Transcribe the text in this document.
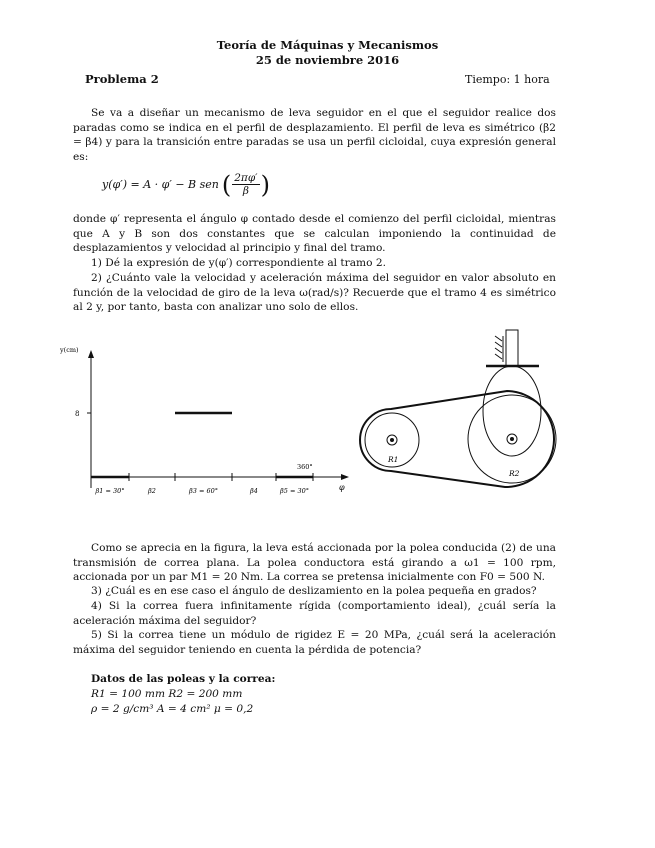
Teoría de Máquinas y Mecanismos
25 de noviembre 2016
Problema 2	Tiempo: 1 hora
Se va a diseñar un mecanismo de leva seguidor en el que el seguidor realice dos paradas como se indica en el perfil de desplazamiento. El perfil de leva es simétrico (β2 = β4) y para la transición entre paradas se usa un perfil cicloidal, cuya expresión general es:
y(φ′) = A · φ′ − B sen ( $\frac{2\pi\varphi'}{\beta}$ )
donde φ′ representa el ángulo φ contado desde el comienzo del perfil cicloidal, mientras que A y B son dos constantes que se calculan imponiendo la continuidad de desplazamientos y velocidad al principio y final del tramo.
1) Dé la expresión de y(φ′) correspondiente al tramo 2.
2) ¿Cuánto vale la velocidad y aceleración máxima del seguidor en valor absoluto en función de la velocidad de giro de la leva ω(rad/s)? Recuerde que el tramo 4 es simétrico al 2 y, por tanto, basta con analizar uno solo de ellos.
y(cm)
φ
8
β1 = 30°	β2	β3 = 60°	β4	β5 = 30°
360°
R2
R1
Como se aprecia en la figura, la leva está accionada por la polea conducida (2) de una transmisión de correa plana. La polea conductora está girando a ω1 = 100 rpm, accionada por un par M1 = 20 Nm. La correa se pretensa inicialmente con F0 = 500 N.
3) ¿Cuál es en ese caso el ángulo de deslizamiento en la polea pequeña en grados?
4) Si la correa fuera infinitamente rígida (comportamiento ideal), ¿cuál sería la aceleración máxima del seguidor?
5) Si la correa tiene un módulo de rigidez E = 20 MPa, ¿cuál será la aceleración máxima del seguidor teniendo en cuenta la pérdida de potencia?
Datos de las poleas y la correa:
R1 = 100 mm R2 = 200 mm
ρ = 2 g/cm³ A = 4 cm² μ = 0,2
